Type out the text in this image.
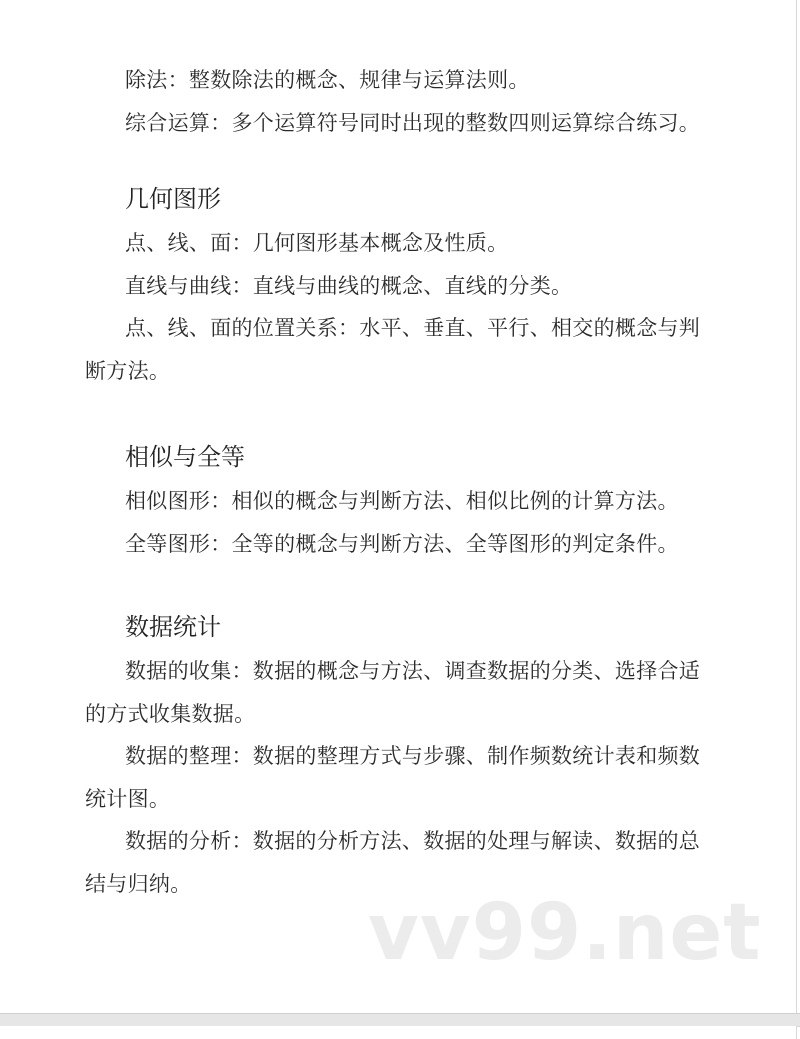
除法：整数除法的概念、规律与运算法则。

综合运算：多个运算符号同时出现的整数四则运算综合练习。

几何图形

点、线、面：几何图形基本概念及性质。

直线与曲线：直线与曲线的概念、直线的分类。

点、线、面的位置关系：水平、垂直、平行、相交的概念与判断方法。

相似与全等

相似图形：相似的概念与判断方法、相似比例的计算方法。

全等图形：全等的概念与判断方法、全等图形的判定条件。

数据统计

数据的收集：数据的概念与方法、调查数据的分类、选择合适的方式收集数据。

数据的整理：数据的整理方式与步骤、制作频数统计表和频数统计图。

数据的分析：数据的分析方法、数据的处理与解读、数据的总结与归纳。

vv99.net
